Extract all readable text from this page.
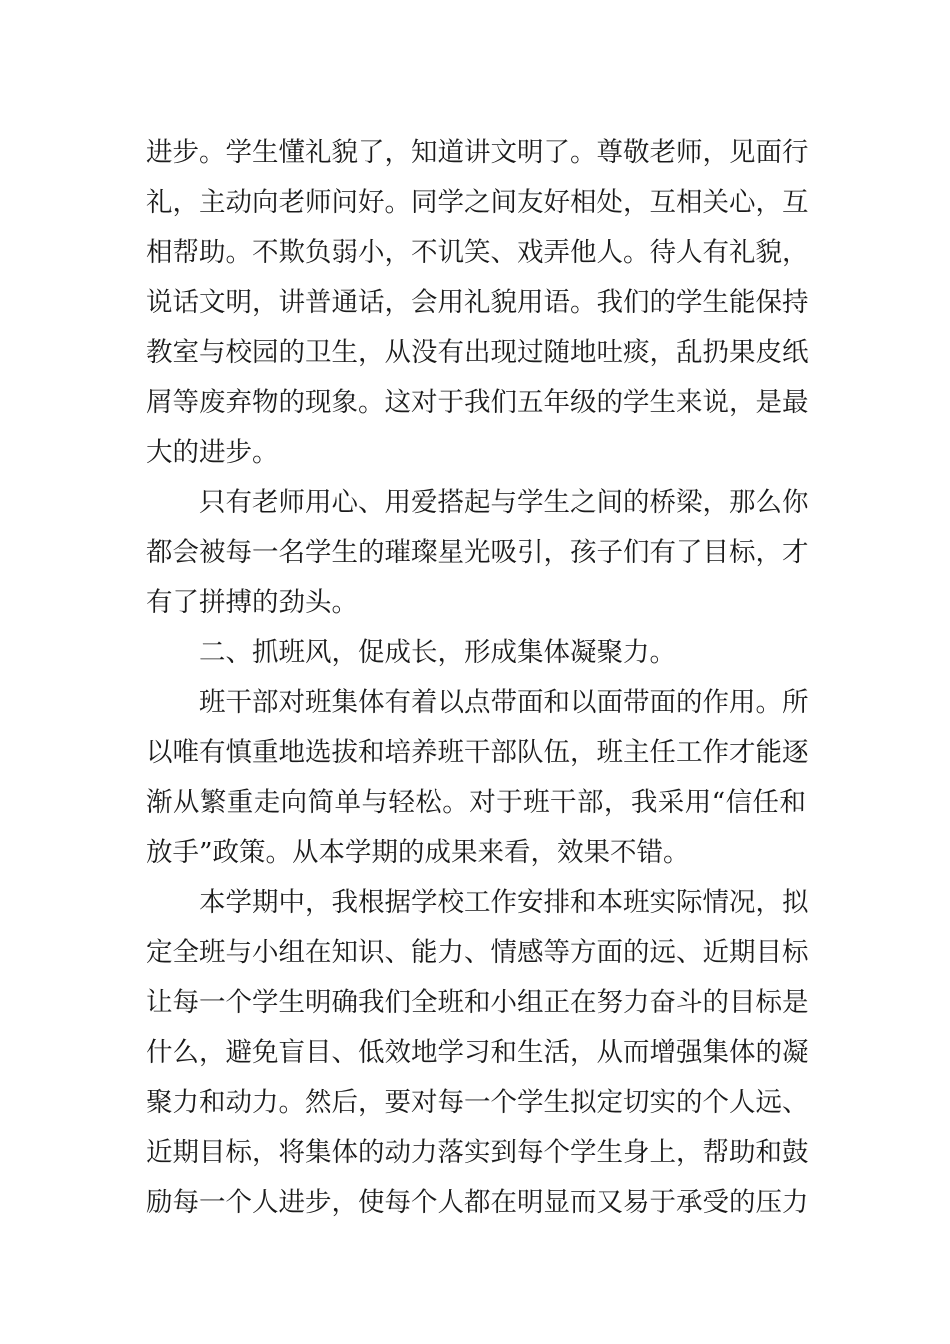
进步。学生懂礼貌了，知道讲文明了。尊敬老师，见面行
礼，主动向老师问好。同学之间友好相处，互相关心，互
相帮助。不欺负弱小，不讥笑、戏弄他人。待人有礼貌，
说话文明，讲普通话，会用礼貌用语。我们的学生能保持
教室与校园的卫生，从没有出现过随地吐痰，乱扔果皮纸
屑等废弃物的现象。这对于我们五年级的学生来说，是最
大的进步。
　　只有老师用心、用爱搭起与学生之间的桥梁，那么你
都会被每一名学生的璀璨星光吸引，孩子们有了目标，才
有了拼搏的劲头。
　　二、抓班风，促成长，形成集体凝聚力。
　　班干部对班集体有着以点带面和以面带面的作用。所
以唯有慎重地选拔和培养班干部队伍，班主任工作才能逐
渐从繁重走向简单与轻松。对于班干部，我采用“信任和
放手”政策。从本学期的成果来看，效果不错。
　　本学期中，我根据学校工作安排和本班实际情况，拟
定全班与小组在知识、能力、情感等方面的远、近期目标
让每一个学生明确我们全班和小组正在努力奋斗的目标是
什么，避免盲目、低效地学习和生活，从而增强集体的凝
聚力和动力。然后，要对每一个学生拟定切实的个人远、
近期目标，将集体的动力落实到每个学生身上，帮助和鼓
励每一个人进步，使每个人都在明显而又易于承受的压力
